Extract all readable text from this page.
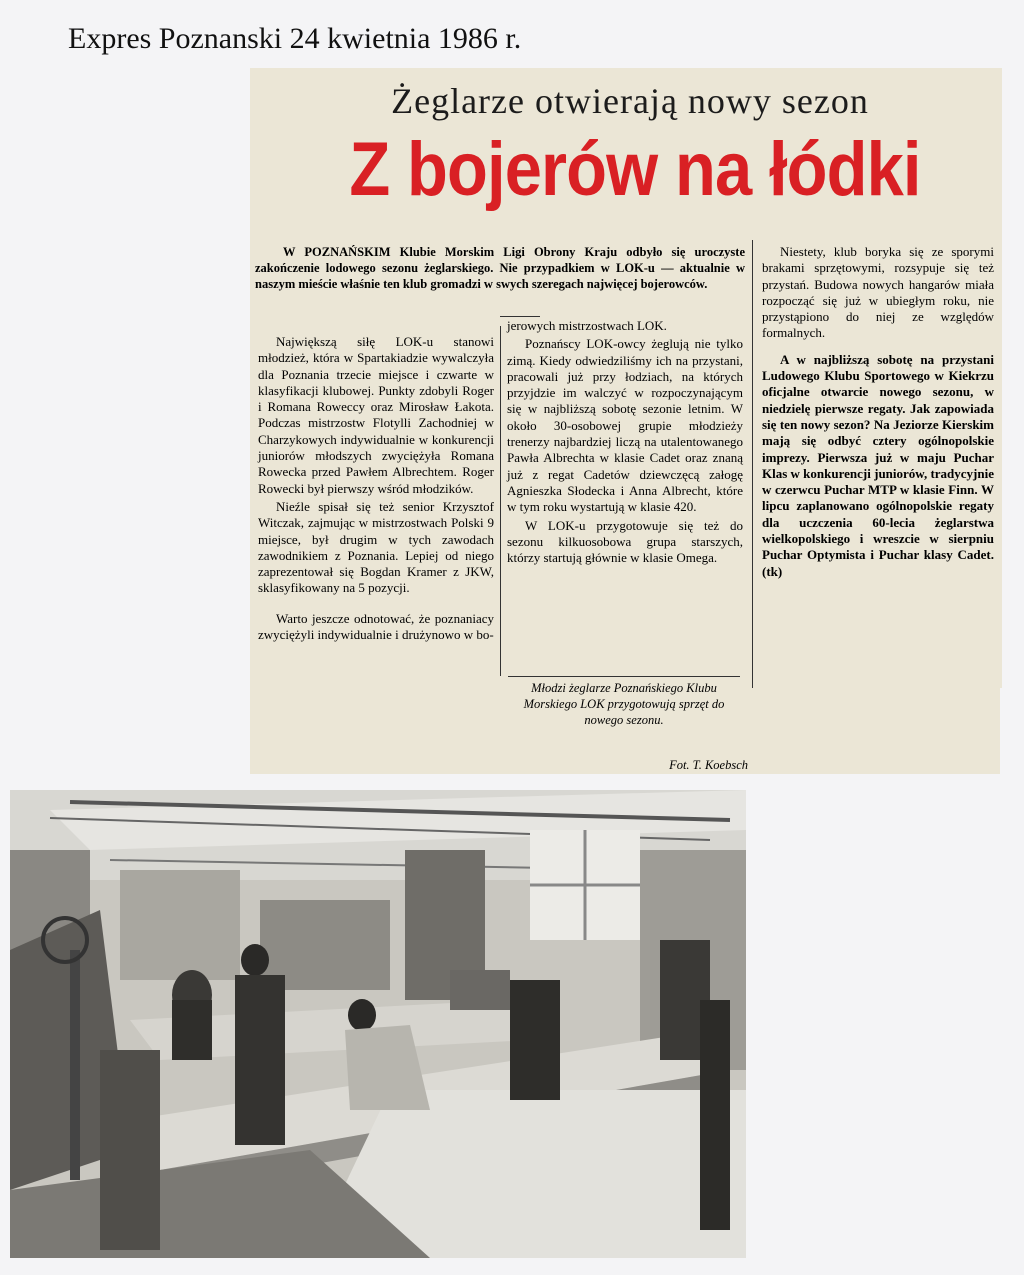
Expres Poznanski 24 kwietnia 1986 r.
Żeglarze otwierają nowy sezon
Z bojerów na łódki
W POZNAŃSKIM Klubie Morskim Ligi Obrony Kraju odbyło się uroczyste zakończenie lodowego sezonu żeglarskiego. Nie przypadkiem w LOK-u — aktualnie w naszym mieście właśnie ten klub gromadzi w swych szeregach najwięcej bojerowców.

Największą siłę LOK-u stanowi młodzież, która w Spartakiadzie wywalczyła dla Poznania trzecie miejsce i czwarte w klasyfikacji klubowej. Punkty zdobyli Roger i Romana Roweccy oraz Mirosław Łakota. Podczas mistrzostw Flotylli Zachodniej w Charzykowych indywidualnie w konkurencji juniorów młodszych zwyciężyła Romana Rowecka przed Pawłem Albrechtem. Roger Rowecki był pierwszy wśród młodzików.

Nieźle spisał się też senior Krzysztof Witczak, zajmując w mistrzostwach Polski 9 miejsce, był drugim w tych zawodach zawodnikiem z Poznania. Lepiej od niego zaprezentował się Bogdan Kramer z JKW, sklasyfikowany na 5 pozycji.

Warto jeszcze odnotować, że poznaniacy zwyciężyli indywidualnie i drużynowo w bo-

jerowych mistrzostwach LOK.

Poznańscy LOK-owcy żeglują nie tylko zimą. Kiedy odwiedziliśmy ich na przystani, pracowali już przy łodziach, na których przyjdzie im walczyć w rozpoczynającym się w najbliższą sobotę sezonie letnim. W około 30-osobowej grupie młodzieży trenerzy najbardziej liczą na utalentowanego Pawła Albrechta w klasie Cadet oraz znaną już z regat Cadetów dziewczęcą załogę Agnieszka Słodecka i Anna Albrecht, które w tym roku wystartują w klasie 420.

W LOK-u przygotowuje się też do sezonu kilkuosobowa grupa starszych, którzy startują głównie w klasie Omega.

Niestety, klub boryka się ze sporymi brakami sprzętowymi, rozsypuje się też przystań. Budowa nowych hangarów miała rozpocząć się już w ubiegłym roku, nie przystąpiono do niej ze względów formalnych.

A w najbliższą sobotę na przystani Ludowego Klubu Sportowego w Kiekrzu oficjalne otwarcie nowego sezonu, w niedzielę pierwsze regaty. Jak zapowiada się ten nowy sezon? Na Jeziorze Kierskim mają się odbyć cztery ogólnopolskie imprezy. Pierwsza już w maju Puchar Klas w konkurencji juniorów, tradycyjnie w czerwcu Puchar MTP w klasie Finn. W lipcu zaplanowano ogólnopolskie regaty dla uczczenia 60-lecia żeglarstwa wielkopolskiego i wreszcie w sierpniu Puchar Optymista i Puchar klasy Cadet. (tk)

Młodzi żeglarze Poznańskiego Klubu Morskiego LOK przygotowują sprzęt do nowego sezonu.
Fot. T. Koebsch
